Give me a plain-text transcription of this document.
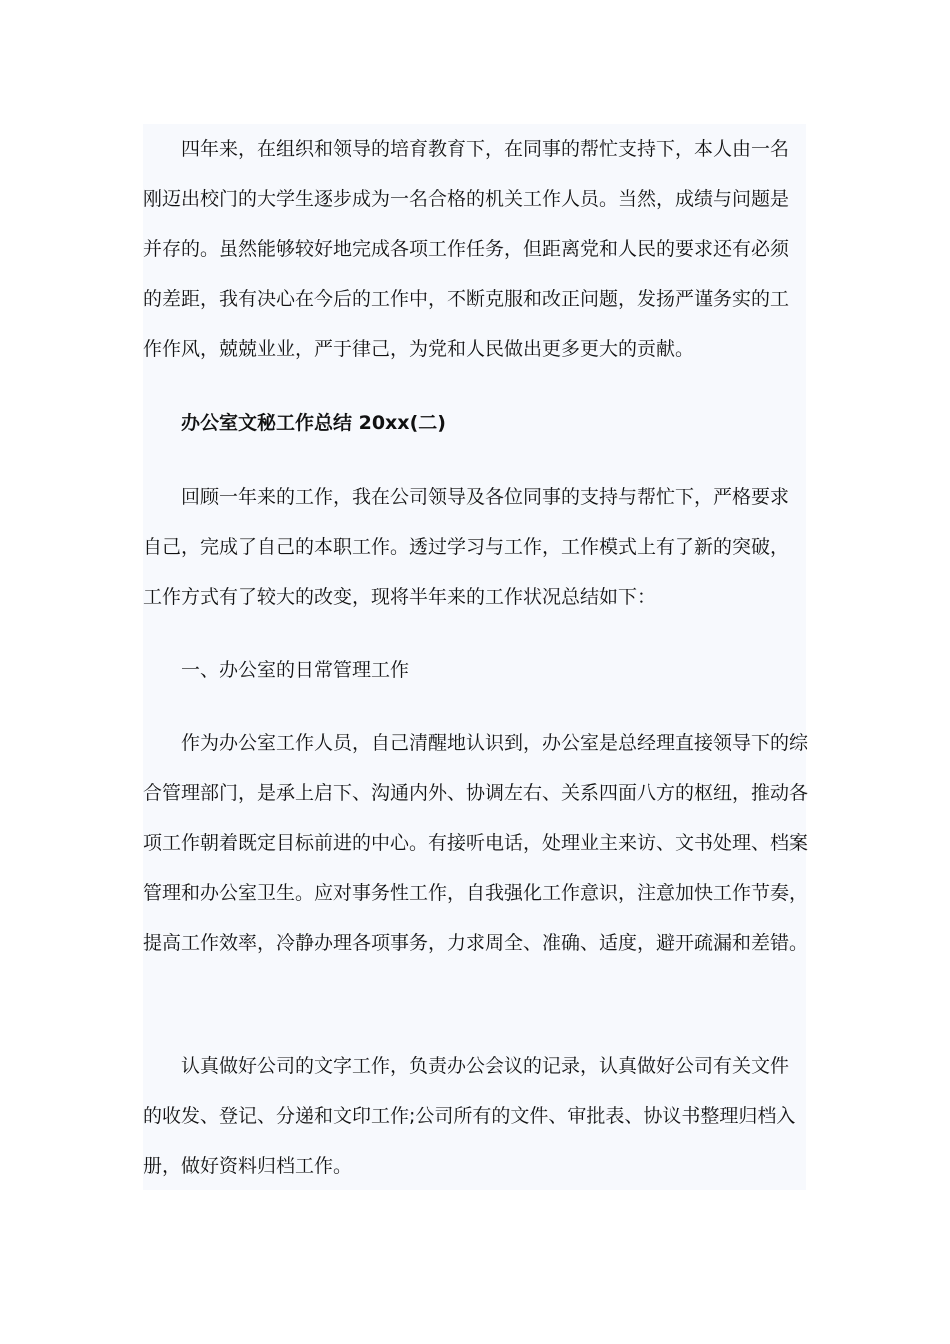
四年来，在组织和领导的培育教育下，在同事的帮忙支持下，本人由一名刚迈出校门的大学生逐步成为一名合格的机关工作人员。当然，成绩与问题是并存的。虽然能够较好地完成各项工作任务，但距离党和人民的要求还有必须的差距，我有决心在今后的工作中，不断克服和改正问题，发扬严谨务实的工作作风，兢兢业业，严于律己，为党和人民做出更多更大的贡献。

办公室文秘工作总结 20xx(二)

回顾一年来的工作，我在公司领导及各位同事的支持与帮忙下，严格要求自己，完成了自己的本职工作。透过学习与工作，工作模式上有了新的突破，工作方式有了较大的改变，现将半年来的工作状况总结如下：

一、办公室的日常管理工作

作为办公室工作人员，自己清醒地认识到，办公室是总经理直接领导下的综合管理部门，是承上启下、沟通内外、协调左右、关系四面八方的枢纽，推动各项工作朝着既定目标前进的中心。有接听电话，处理业主来访、文书处理、档案管理和办公室卫生。应对事务性工作，自我强化工作意识，注意加快工作节奏，提高工作效率，冷静办理各项事务，力求周全、准确、适度，避开疏漏和差错。

认真做好公司的文字工作，负责办公会议的记录，认真做好公司有关文件的收发、登记、分递和文印工作;公司所有的文件、审批表、协议书整理归档入册，做好资料归档工作。
